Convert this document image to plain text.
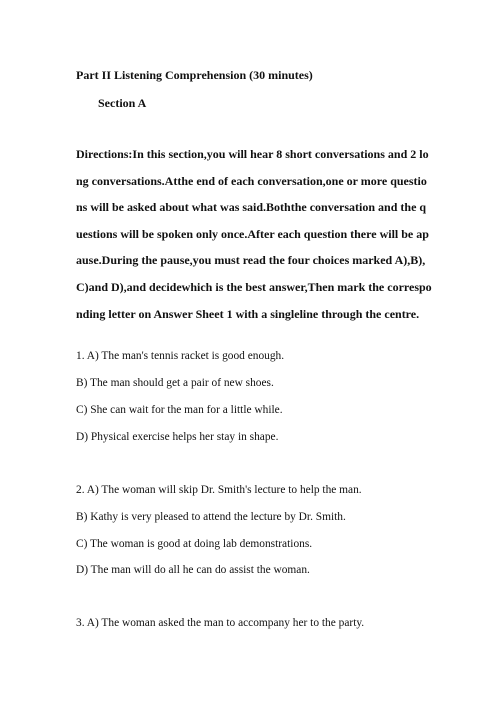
Part II Listening Comprehension (30 minutes)
Section A
Directions:In this section,you will hear 8 short conversations and 2 lo
ng conversations.Atthe end of each conversation,one or more questio
ns will be asked about what was said.Boththe conversation and the q
uestions will be spoken only once.After each question there will be ap
ause.During the pause,you must read the four choices marked A),B),
C)and D),and decidewhich is the best answer,Then mark the correspo
nding letter on Answer Sheet 1 with a singleline through the centre.
1. A) The man's tennis racket is good enough.
B) The man should get a pair of new shoes.
C) She can wait for the man for a little while.
D) Physical exercise helps her stay in shape.
2. A) The woman will skip Dr. Smith's lecture to help the man.
B) Kathy is very pleased to attend the lecture by Dr. Smith.
C) The woman is good at doing lab demonstrations.
D) The man will do all he can do assist the woman.
3. A) The woman asked the man to accompany her to the party.
